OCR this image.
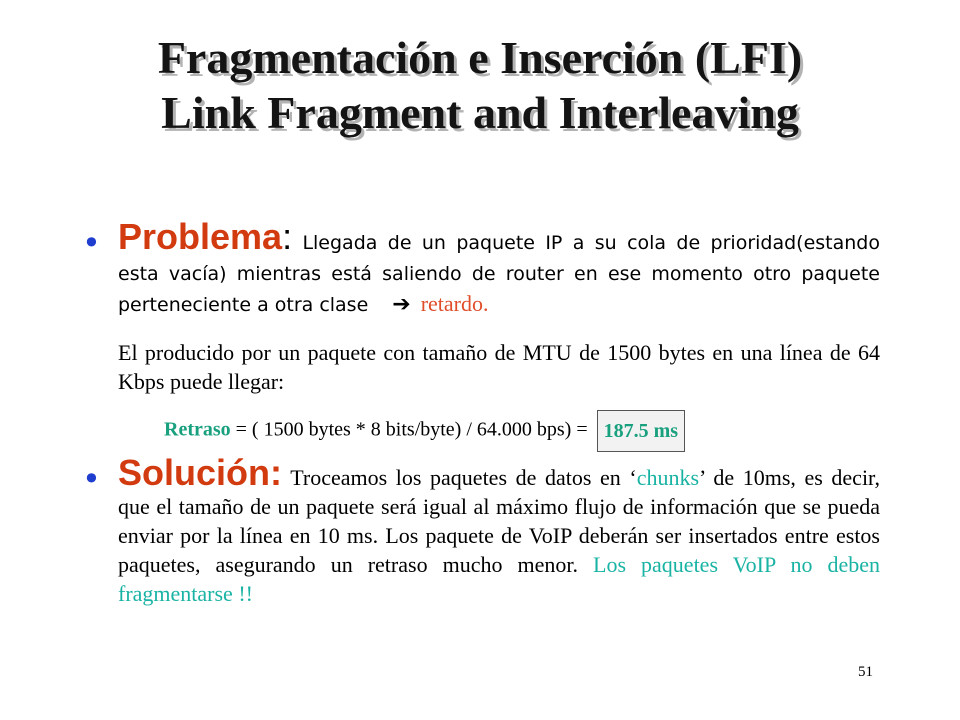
Fragmentación e Inserción (LFI)
Link Fragment and Interleaving
• Problema: Llegada de un paquete IP a su cola de prioridad(estando esta vacía) mientras está saliendo de router en ese momento otro paquete perteneciente a otra clase ➔ retardo.
El producido por un paquete con tamaño de MTU de 1500 bytes en una línea de 64 Kbps puede llegar:
Retraso = ( 1500 bytes * 8 bits/byte) / 64.000 bps) = 187.5 ms
• Solución: Troceamos los paquetes de datos en ‘chunks’ de 10ms, es decir, que el tamaño de un paquete será igual al máximo flujo de información que se pueda enviar por la línea en 10 ms. Los paquete de VoIP deberán ser insertados entre estos paquetes, asegurando un retraso mucho menor. Los paquetes VoIP no deben fragmentarse !!
51
